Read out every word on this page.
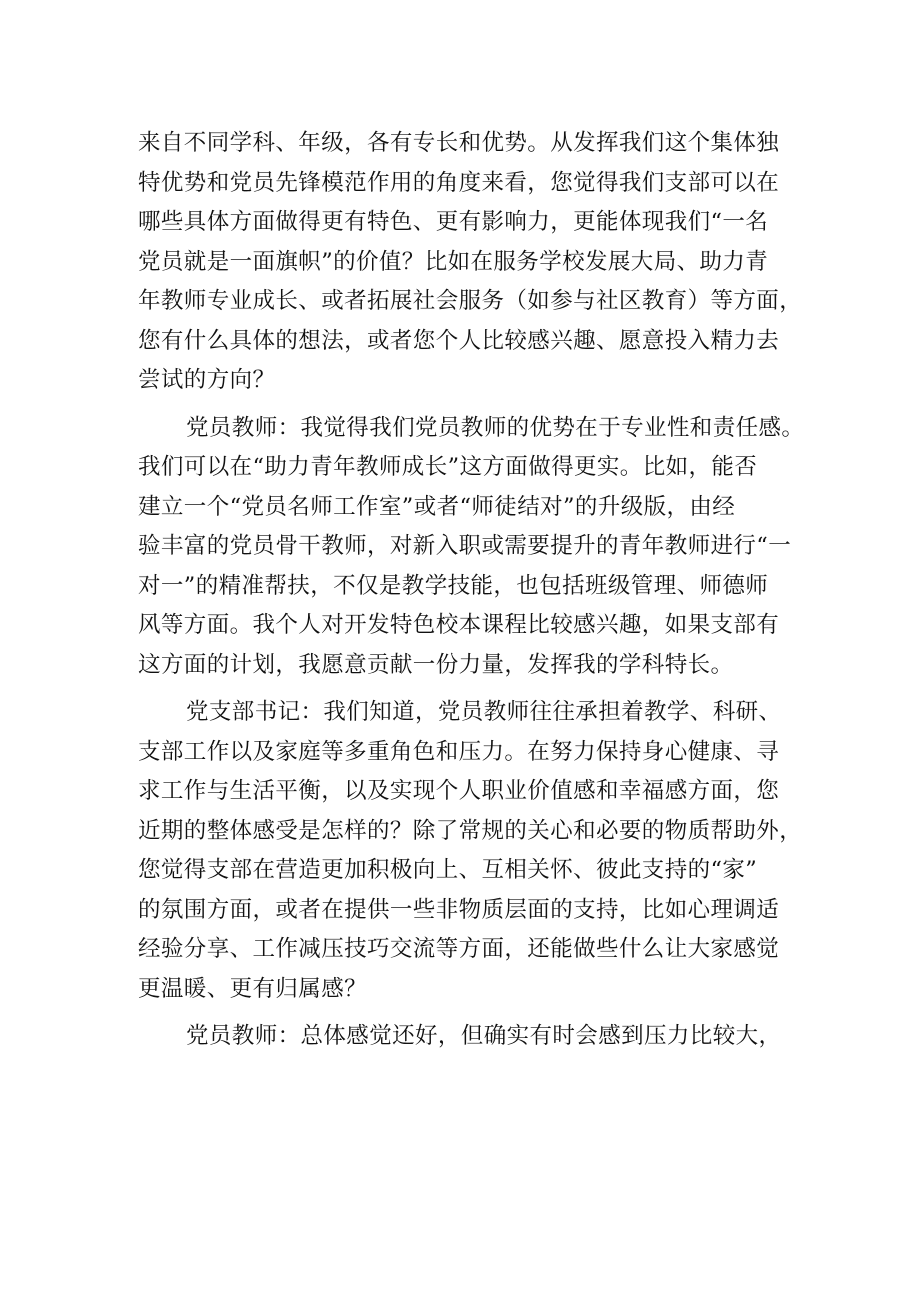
来自不同学科、年级，各有专长和优势。从发挥我们这个集体独
特优势和党员先锋模范作用的角度来看，您觉得我们支部可以在
哪些具体方面做得更有特色、更有影响力，更能体现我们“一名
党员就是一面旗帜”的价值？比如在服务学校发展大局、助力青
年教师专业成长、或者拓展社会服务（如参与社区教育）等方面，
您有什么具体的想法，或者您个人比较感兴趣、愿意投入精力去
尝试的方向？
党员教师：我觉得我们党员教师的优势在于专业性和责任感。
我们可以在“助力青年教师成长”这方面做得更实。比如，能否
建立一个“党员名师工作室”或者“师徒结对”的升级版，由经
验丰富的党员骨干教师，对新入职或需要提升的青年教师进行“一
对一”的精准帮扶，不仅是教学技能，也包括班级管理、师德师
风等方面。我个人对开发特色校本课程比较感兴趣，如果支部有
这方面的计划，我愿意贡献一份力量，发挥我的学科特长。
党支部书记：我们知道，党员教师往往承担着教学、科研、
支部工作以及家庭等多重角色和压力。在努力保持身心健康、寻
求工作与生活平衡，以及实现个人职业价值感和幸福感方面，您
近期的整体感受是怎样的？除了常规的关心和必要的物质帮助外，
您觉得支部在营造更加积极向上、互相关怀、彼此支持的“家”
的氛围方面，或者在提供一些非物质层面的支持，比如心理调适
经验分享、工作减压技巧交流等方面，还能做些什么让大家感觉
更温暖、更有归属感？
党员教师：总体感觉还好，但确实有时会感到压力比较大，
